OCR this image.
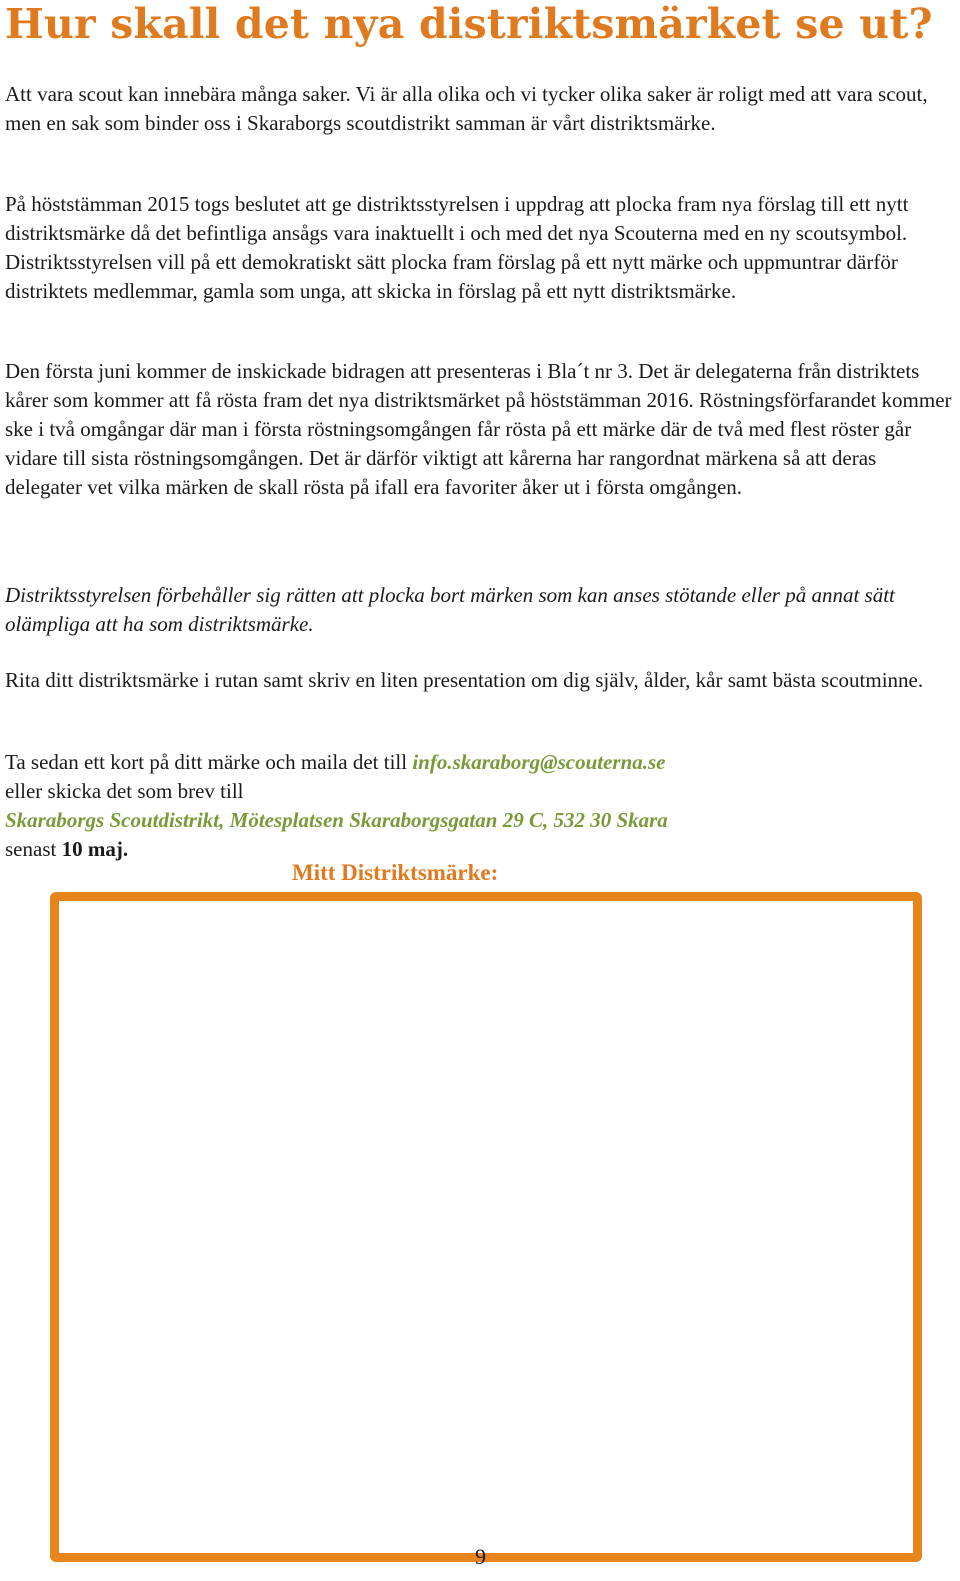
Hur skall det nya distriktsmärket se ut?

Att vara scout kan innebära många saker. Vi är alla olika och vi tycker olika saker är roligt med att vara scout, men en sak som binder oss i Skaraborgs scoutdistrikt samman är vårt distriktsmärke.

På höststämman 2015 togs beslutet att ge distriktsstyrelsen i uppdrag att plocka fram nya förslag till ett nytt distriktsmärke då det befintliga ansågs vara inaktuellt i och med det nya Scouterna med en ny scoutsymbol. Distriktsstyrelsen vill på ett demokratiskt sätt plocka fram förslag på ett nytt märke och uppmuntrar därför distriktets medlemmar, gamla som unga, att skicka in förslag på ett nytt distriktsmärke.

Den första juni kommer de inskickade bidragen att presenteras i Bla´t nr 3. Det är delegaterna från distriktets kårer som kommer att få rösta fram det nya distriktsmärket på höststämman 2016. Röstningsförfarandet kommer ske i två omgångar där man i första röstningsomgången får rösta på ett märke där de två med flest röster går vidare till sista röstningsomgången. Det är därför viktigt att kårerna har rangordnat märkena så att deras delegater vet vilka märken de skall rösta på ifall era favoriter åker ut i första omgången.

Distriktsstyrelsen förbehåller sig rätten att plocka bort märken som kan anses stötande eller på annat sätt olämpliga att ha som distriktsmärke.

Rita ditt distriktsmärke i rutan samt skriv en liten presentation om dig själv, ålder, kår samt bästa scoutminne.

Ta sedan ett kort på ditt märke och maila det till info.skaraborg@scouterna.se
eller skicka det som brev till
Skaraborgs Scoutdistrikt, Mötesplatsen Skaraborgsgatan 29 C, 532 30 Skara
senast 10 maj.

Mitt Distriktsmärke:

9
